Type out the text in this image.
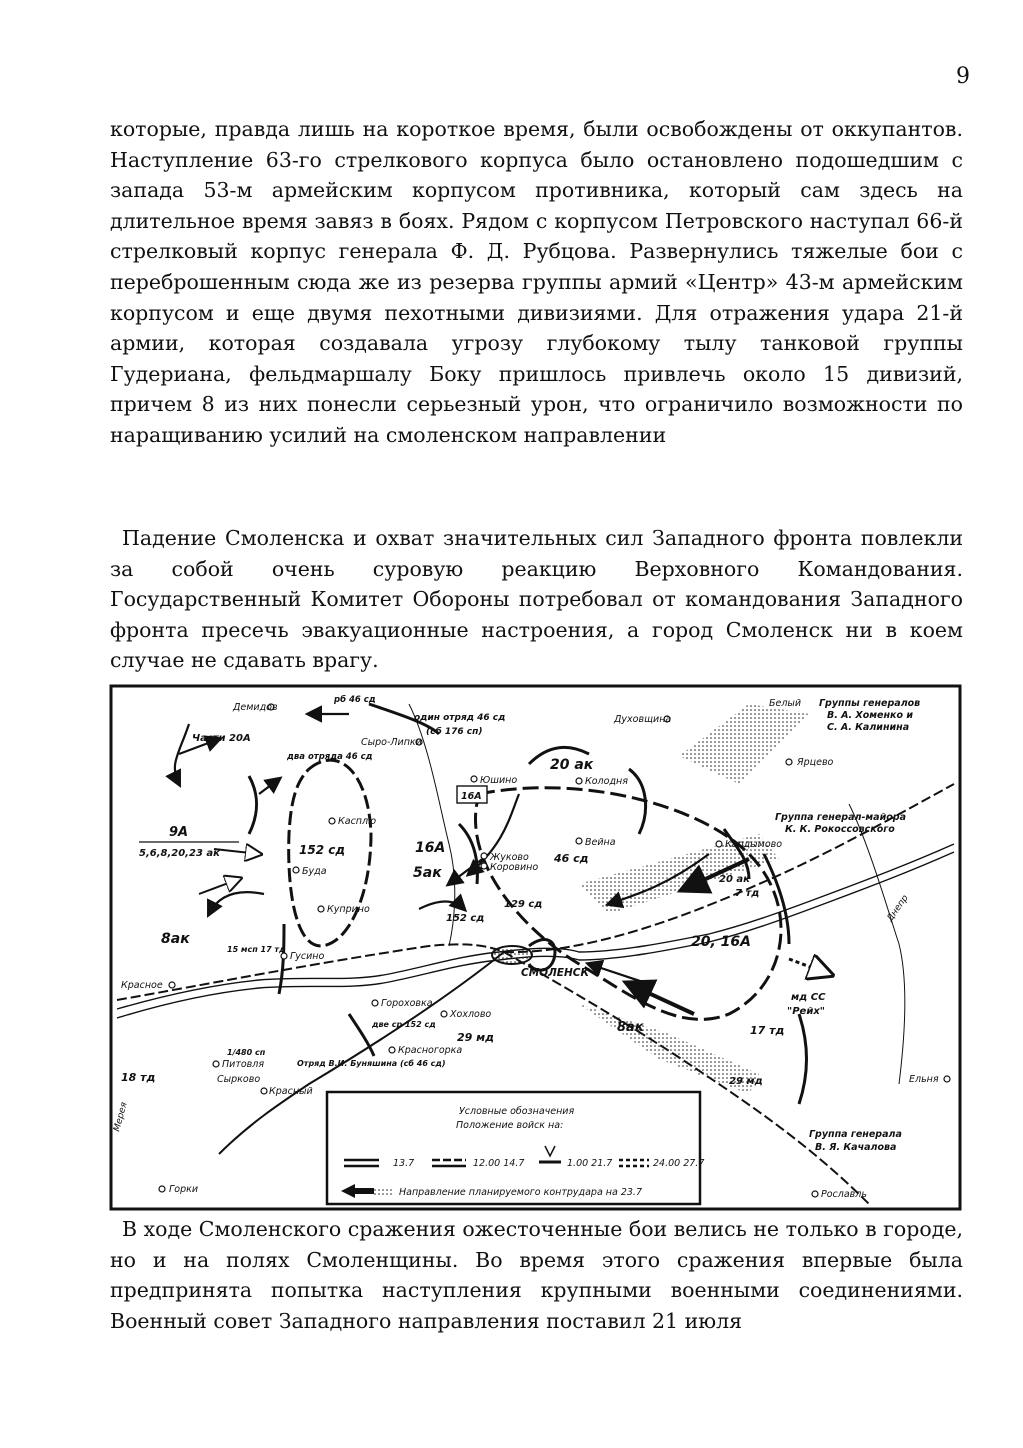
9

которые, правда лишь на короткое время, были освобождены от оккупантов. Наступление 63-го стрелкового корпуса было остановлено подошедшим с запада 53-м армейским корпусом противника, который сам здесь на длительное время завяз в боях. Рядом с корпусом Петровского наступал 66-й стрелковый корпус генерала Ф. Д. Рубцова. Развернулись тяжелые бои с переброшенным сюда же из резерва группы армий «Центр» 43-м армейским корпусом и еще двумя пехотными дивизиями. Для отражения удара 21-й армии, которая создавала угрозу глубокому тылу танковой группы Гудериана, фельдмаршалу Боку пришлось привлечь около 15 дивизий, причем 8 из них понесли серьезный урон, что ограничило возможности по наращиванию усилий на смоленском направлении

Падение Смоленска и охват значительных сил Западного фронта повлекли за собой очень суровую реакцию Верховного Командования. Государственный Комитет Обороны потребовал от командования Западного фронта пресечь эвакуационные настроения, а город Смоленск ни в коем случае не сдавать врагу.

Демидов
Духовщина
Белый
Ярцево
Сыро-Липки
Юшино	Колодня
Касплю
Жуково
Коровино
Вейна	Кардымово
Буда
Куприно
СМОЛЕНСК
Красное
Гусино
Гороховка
Хохлово
Красногорка
Питовля
Сырково
Красный
Горки
Ельня
Рославль
Части 20А
рб 46 сд
один отряд 46 сд
(сб 176 сп)
два отряда 46 сд
9А
5,6,8,20,23 ак	152 сд
16А
16А
5ак
20 ак
46 сд
129 сд
152 сд
8ак
15 мсп 17 тд
8ак
29 мд
две ср 152 сд
20, 16А
17 тд
29 мд
20 ак
7 тд
мд СС
"Рейх"
18 тд
Отряд В.И. Буняшина (сб 46 сд)
1/480 сп
Группы генералов
В. А. Хоменко и
С. А. Калинина
Группа генерал-майора
К. К. Рокоссовского
Группа генерала
В. Я. Качалова
Днепр
Мерея	Условные обозначения
Положение войск на:
13.7	12.00 14.7	1.00 21.7	24.00 27.7
Направление планируемого контрудара на 23.7

В ходе Смоленского сражения ожесточенные бои велись не только в городе, но и на полях Смоленщины. Во время этого сражения впервые была предпринята попытка наступления крупными военными соединениями. Военный совет Западного направления поставил 21 июля
